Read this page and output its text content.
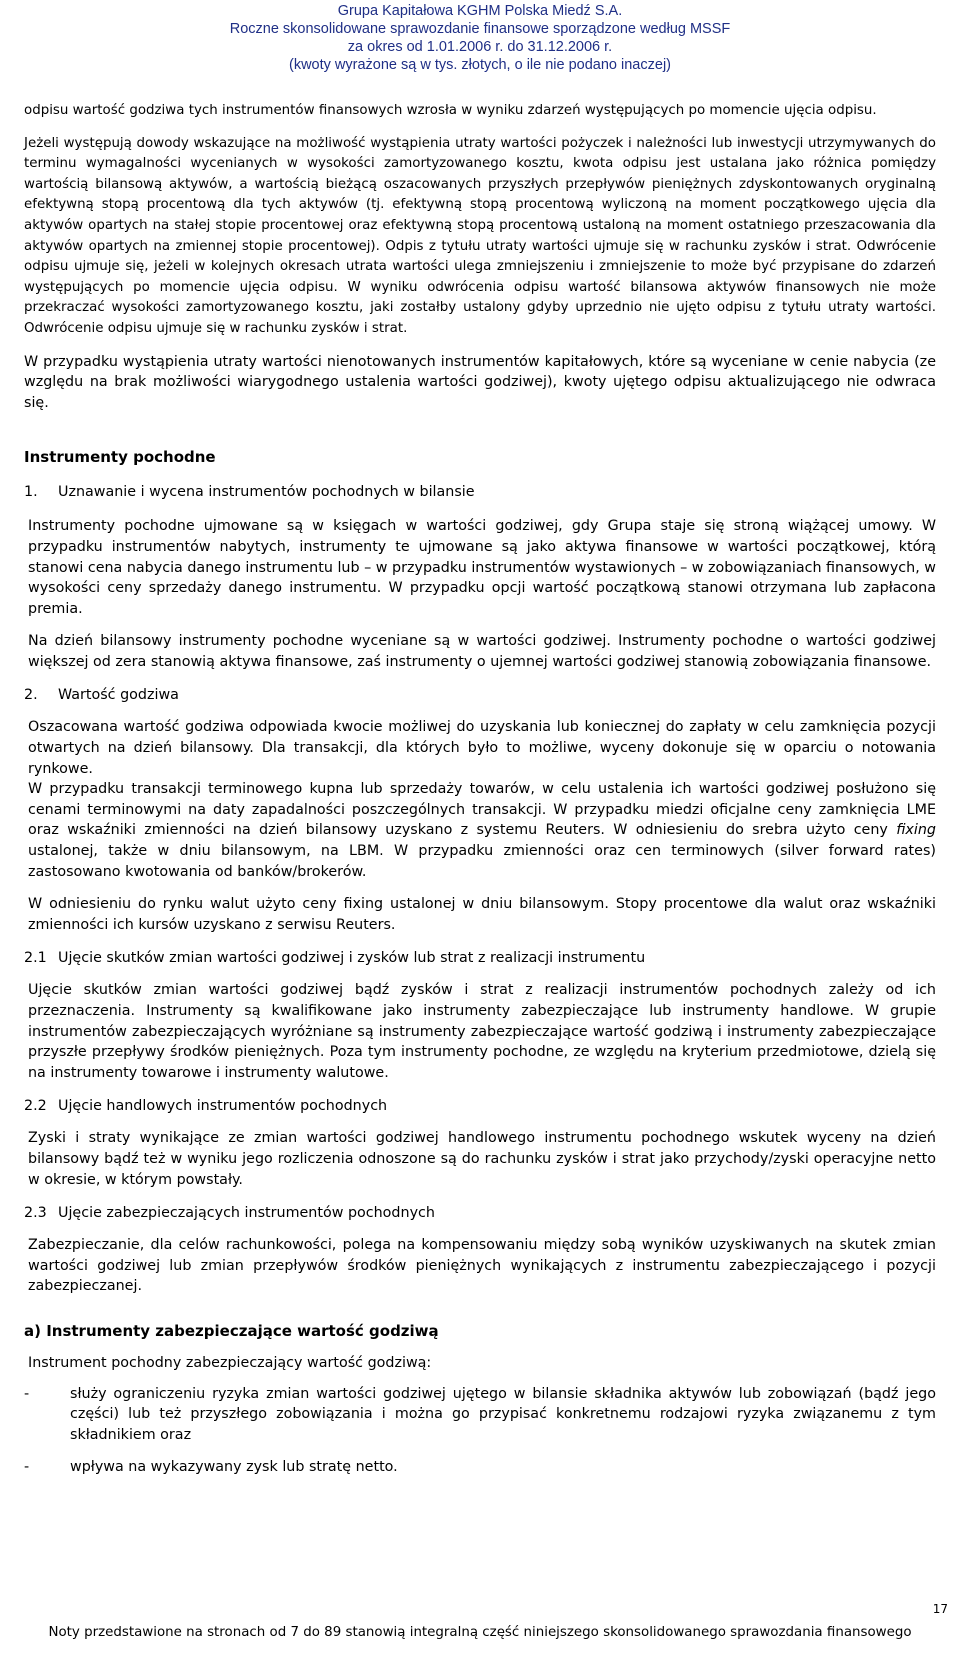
Grupa Kapitałowa KGHM Polska Miedź S.A.
Roczne skonsolidowane sprawozdanie finansowe sporządzone według MSSF
za okres od 1.01.2006 r. do 31.12.2006 r.
(kwoty wyrażone są w tys. złotych, o ile nie podano inaczej)

odpisu wartość godziwa tych instrumentów finansowych wzrosła w wyniku zdarzeń występujących po momencie ujęcia odpisu.

Jeżeli występują dowody wskazujące na możliwość wystąpienia utraty wartości pożyczek i należności lub inwestycji utrzymywanych do terminu wymagalności wycenianych w wysokości zamortyzowanego kosztu, kwota odpisu jest ustalana jako różnica pomiędzy wartością bilansową aktywów, a wartością bieżącą oszacowanych przyszłych przepływów pieniężnych zdyskontowanych oryginalną efektywną stopą procentową dla tych aktywów (tj. efektywną stopą procentową wyliczoną na moment początkowego ujęcia dla aktywów opartych na stałej stopie procentowej oraz efektywną stopą procentową ustaloną na moment ostatniego przeszacowania dla aktywów opartych na zmiennej stopie procentowej). Odpis z tytułu utraty wartości ujmuje się w rachunku zysków i strat. Odwrócenie odpisu ujmuje się, jeżeli w kolejnych okresach utrata wartości ulega zmniejszeniu i zmniejszenie to może być przypisane do zdarzeń występujących po momencie ujęcia odpisu. W wyniku odwrócenia odpisu wartość bilansowa aktywów finansowych nie może przekraczać wysokości zamortyzowanego kosztu, jaki zostałby ustalony gdyby uprzednio nie ujęto odpisu z tytułu utraty wartości. Odwrócenie odpisu ujmuje się w rachunku zysków i strat.

W przypadku wystąpienia utraty wartości nienotowanych instrumentów kapitałowych, które są wyceniane w cenie nabycia (ze względu na brak możliwości wiarygodnego ustalenia wartości godziwej), kwoty ujętego odpisu aktualizującego nie odwraca się.

Instrumenty pochodne
1. Uznawanie i wycena instrumentów pochodnych w bilansie

Instrumenty pochodne ujmowane są w księgach w wartości godziwej, gdy Grupa staje się stroną wiążącej umowy. W przypadku instrumentów nabytych, instrumenty te ujmowane są jako aktywa finansowe w wartości początkowej, którą stanowi cena nabycia danego instrumentu lub – w przypadku instrumentów wystawionych – w zobowiązaniach finansowych, w wysokości ceny sprzedaży danego instrumentu. W przypadku opcji wartość początkową stanowi otrzymana lub zapłacona premia.

Na dzień bilansowy instrumenty pochodne wyceniane są w wartości godziwej. Instrumenty pochodne o wartości godziwej większej od zera stanowią aktywa finansowe, zaś instrumenty o ujemnej wartości godziwej stanowią zobowiązania finansowe.

2. Wartość godziwa

Oszacowana wartość godziwa odpowiada kwocie możliwej do uzyskania lub koniecznej do zapłaty w celu zamknięcia pozycji otwartych na dzień bilansowy. Dla transakcji, dla których było to możliwe, wyceny dokonuje się w oparciu o notowania rynkowe.

W przypadku transakcji terminowego kupna lub sprzedaży towarów, w celu ustalenia ich wartości godziwej posłużono się cenami terminowymi na daty zapadalności poszczególnych transakcji. W przypadku miedzi oficjalne ceny zamknięcia LME oraz wskaźniki zmienności na dzień bilansowy uzyskano z systemu Reuters. W odniesieniu do srebra użyto ceny fixing ustalonej, także w dniu bilansowym, na LBM. W przypadku zmienności oraz cen terminowych (silver forward rates) zastosowano kwotowania od banków/brokerów.

W odniesieniu do rynku walut użyto ceny fixing ustalonej w dniu bilansowym. Stopy procentowe dla walut oraz wskaźniki zmienności ich kursów uzyskano z serwisu Reuters.

2.1 Ujęcie skutków zmian wartości godziwej i zysków lub strat z realizacji instrumentu

Ujęcie skutków zmian wartości godziwej bądź zysków i strat z realizacji instrumentów pochodnych zależy od ich przeznaczenia. Instrumenty są kwalifikowane jako instrumenty zabezpieczające lub instrumenty handlowe. W grupie instrumentów zabezpieczających wyróżniane są instrumenty zabezpieczające wartość godziwą i instrumenty zabezpieczające przyszłe przepływy środków pieniężnych. Poza tym instrumenty pochodne, ze względu na kryterium przedmiotowe, dzielą się na instrumenty towarowe i instrumenty walutowe.

2.2 Ujęcie handlowych instrumentów pochodnych

Zyski i straty wynikające ze zmian wartości godziwej handlowego instrumentu pochodnego wskutek wyceny na dzień bilansowy bądź też w wyniku jego rozliczenia odnoszone są do rachunku zysków i strat jako przychody/zyski operacyjne netto w okresie, w którym powstały.

2.3 Ujęcie zabezpieczających instrumentów pochodnych

Zabezpieczanie, dla celów rachunkowości, polega na kompensowaniu między sobą wyników uzyskiwanych na skutek zmian wartości godziwej lub zmian przepływów środków pieniężnych wynikających z instrumentu zabezpieczającego i pozycji zabezpieczanej.

a) Instrumenty zabezpieczające wartość godziwą

Instrument pochodny zabezpieczający wartość godziwą:

-	służy ograniczeniu ryzyka zmian wartości godziwej ujętego w bilansie składnika aktywów lub zobowiązań (bądź jego części) lub też przyszłego zobowiązania i można go przypisać konkretnemu rodzajowi ryzyka związanemu z tym składnikiem oraz

-	wpływa na wykazywany zysk lub stratę netto.

17
Noty przedstawione na stronach od 7 do 89 stanowią integralną część niniejszego skonsolidowanego sprawozdania finansowego
